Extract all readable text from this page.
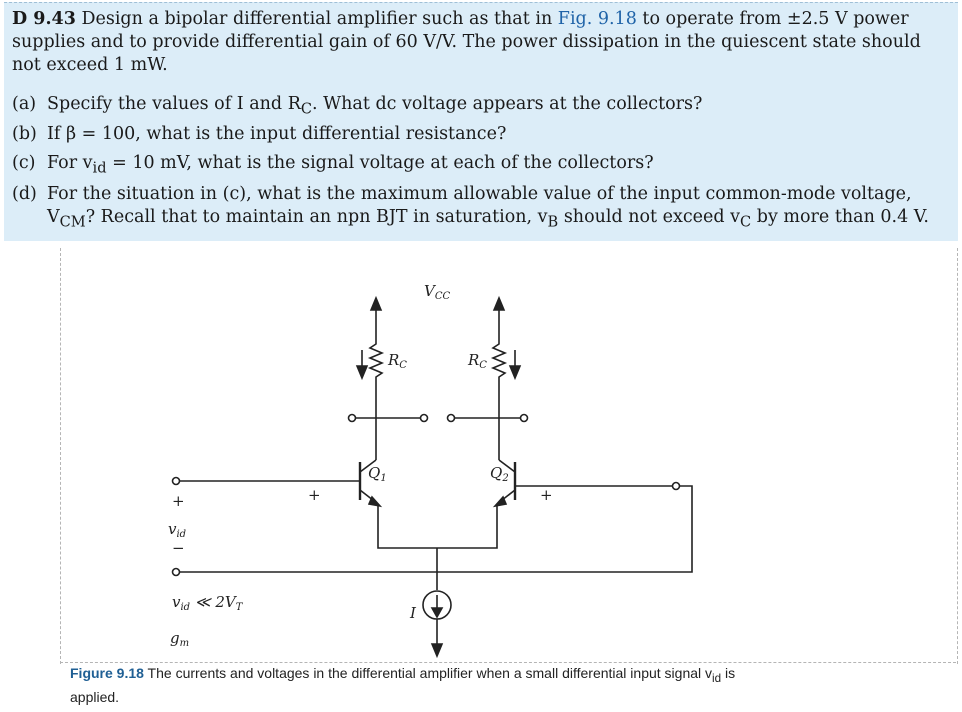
D 9.43 Design a bipolar differential amplifier such as that in Fig. 9.18 to operate from ±2.5 V power
supplies and to provide differential gain of 60 V/V. The power dissipation in the quiescent state should
not exceed 1 mW.
(a) Specify the values of I and $R_C$. What dc voltage appears at the collectors?
(b) If β = 100, what is the input differential resistance?
(c) For $v_{id} = 10$ mV, what is the signal voltage at each of the collectors?
(d) For the situation in (c), what is the maximum allowable value of the input common-mode voltage,
$V_{CM}$? Recall that to maintain an npn BJT in saturation, $v_B$ should not exceed $v_C$ by more than 0.4 V.
$V_{CC}$
$R_C$	$R_C$
$Q_1$	$Q_2$
I
+
−
$v_{id}$
+	+
$v_{id}$ ≪ $2V_T$
$g_m$
Figure 9.18 The currents and voltages in the differential amplifier when a small differential input signal $v_{id}$ is
applied.
